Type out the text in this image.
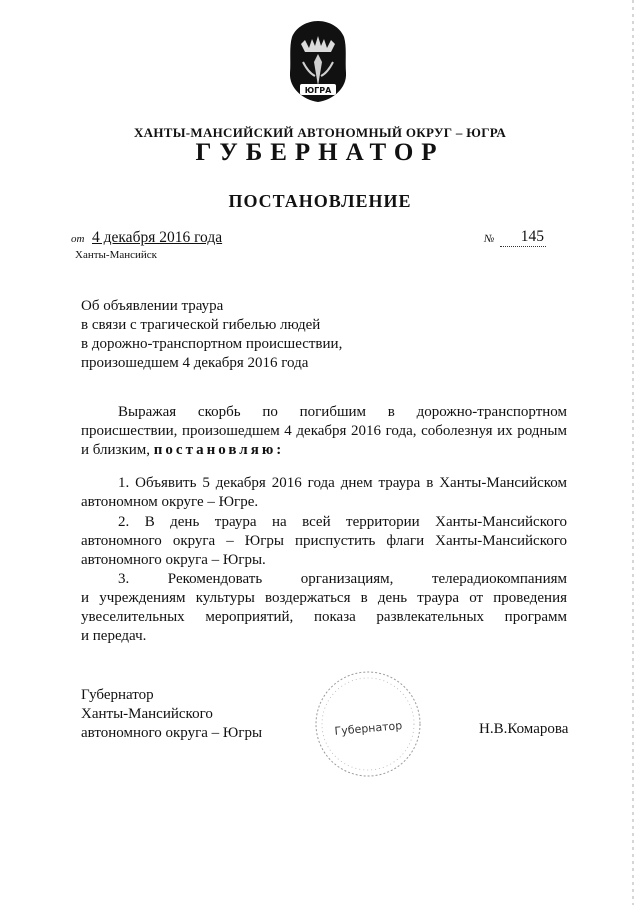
ЮГРА
ХАНТЫ-МАНСИЙСКИЙ АВТОНОМНЫЙ ОКРУГ – ЮГРА
ГУБЕРНАТОР
ПОСТАНОВЛЕНИЕ
от 4 декабря 2016 года
Ханты-Мансийск
№	145
Об объявлении траура
в связи с трагической гибелью людей
в дорожно-транспортном происшествии,
произошедшем 4 декабря 2016 года
Выражая скорбь по погибшим в дорожно-транспортном
происшествии, произошедшем 4 декабря 2016 года, соболезнуя их родным
и близким, постановляю:
1. Объявить 5 декабря 2016 года днем траура в Ханты-Мансийском
автономном округе – Югре.
2. В день траура на всей территории Ханты-Мансийского
автономного округа – Югры приспустить флаги Ханты-Мансийского
автономного округа – Югры.
3. Рекомендовать организациям, телерадиокомпаниям
и учреждениям культуры воздержаться в день траура от проведения
увеселительных мероприятий, показа развлекательных программ
и передач.
Губернатор
Ханты-Мансийского
автономного округа – Югры	Губернатор	Н.В.Комарова
